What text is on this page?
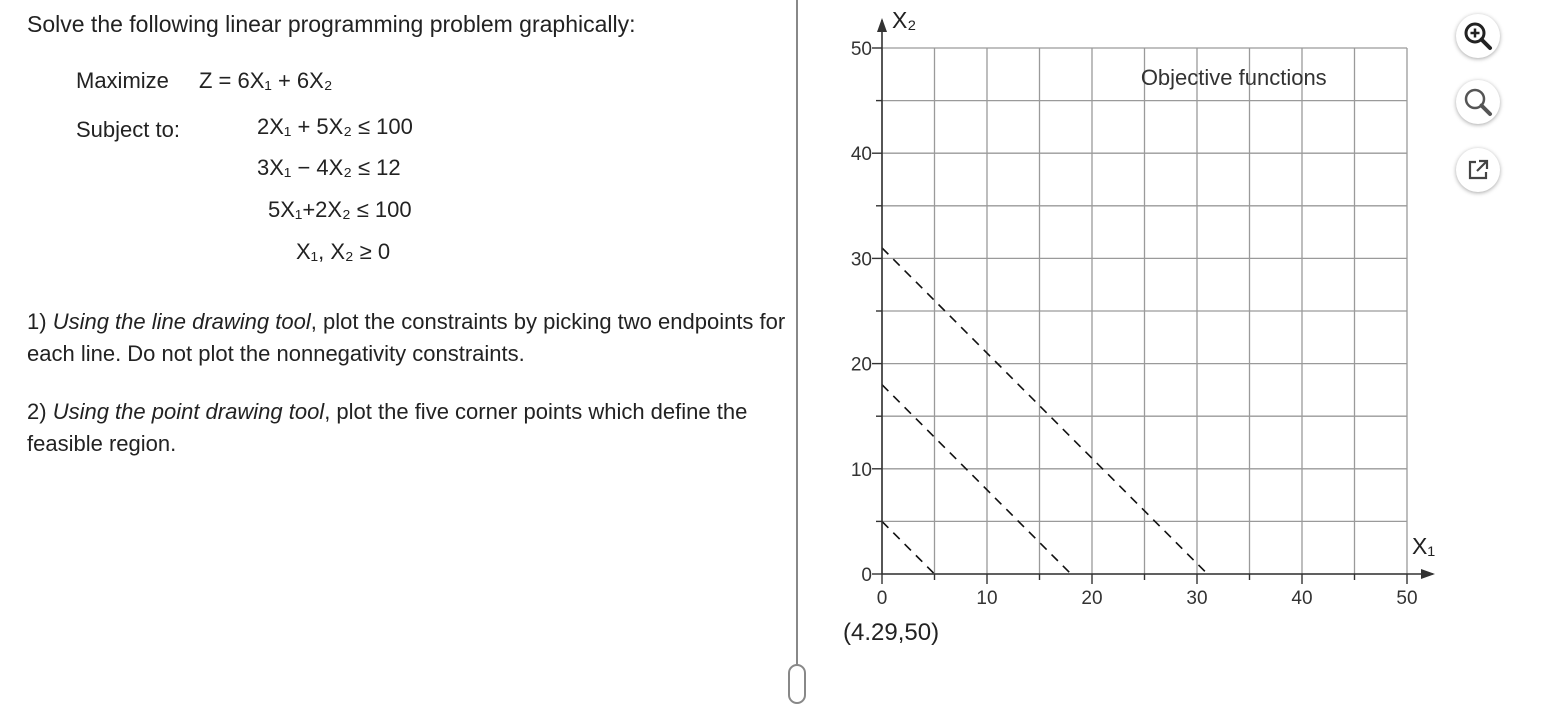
Solve the following linear programming problem graphically:
Maximize Z = 6X₁ + 6X₂
Subject to:	2X₁ + 5X₂ ≤ 100
3X₁ − 4X₂ ≤ 12
5X₁+2X₂ ≤ 100
X₁, X₂ ≥ 0
1) Using the line drawing tool, plot the constraints by picking two endpoints for each line. Do not plot the nonnegativity constraints.
2) Using the point drawing tool, plot the five corner points which define the feasible region.
0	10	20	30	40	50
0
10
20
30
40
50
X₁
X₂
Objective functions
(4.29,50)
